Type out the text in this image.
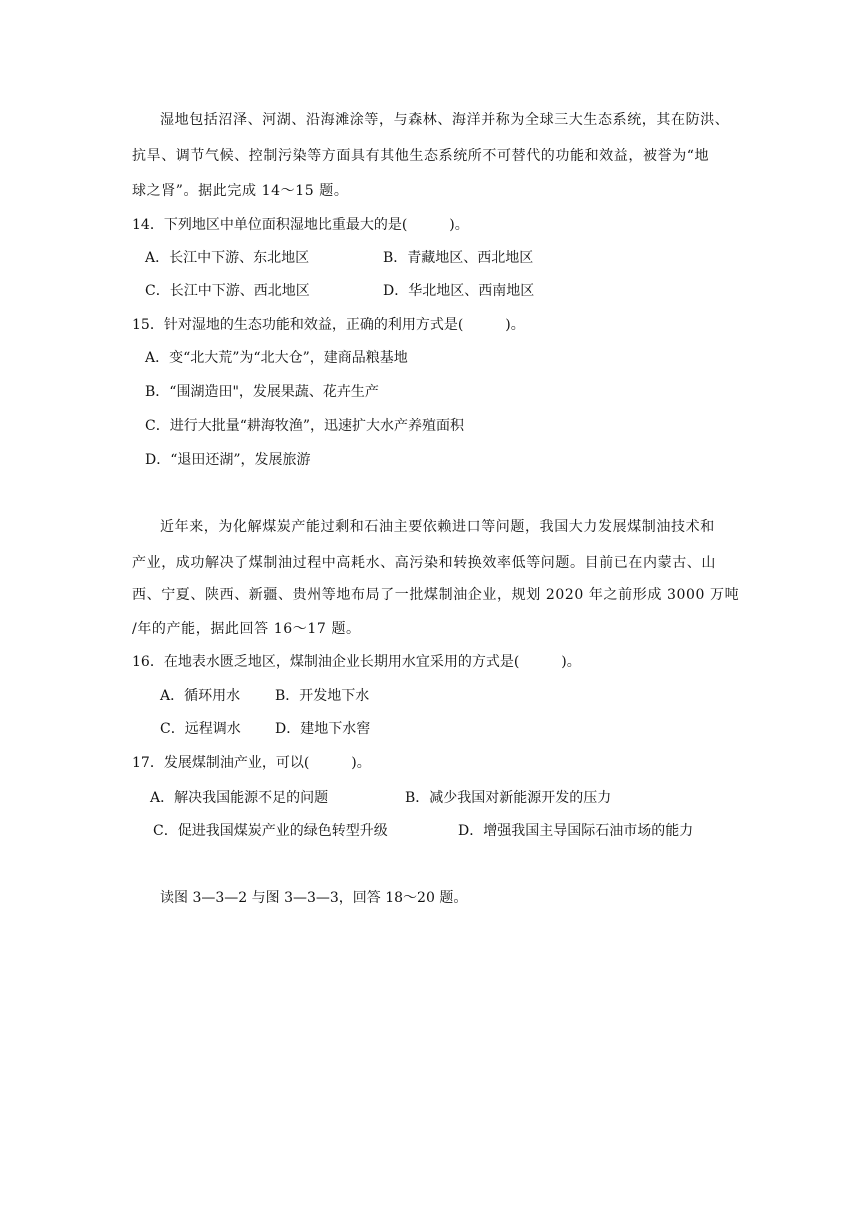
湿地包括沼泽、河湖、沿海滩涂等，与森林、海洋并称为全球三大生态系统，其在防洪、
抗旱、调节气候、控制污染等方面具有其他生态系统所不可替代的功能和效益，被誉为“地
球之肾”。据此完成 14～15 题。
14．下列地区中单位面积湿地比重最大的是(　　　)。
A．长江中下游、东北地区	B．青藏地区、西北地区
C．长江中下游、西北地区	D．华北地区、西南地区
15．针对湿地的生态功能和效益，正确的利用方式是(　　　)。
A．变“北大荒”为“北大仓”，建商品粮基地
B．“围湖造田"，发展果蔬、花卉生产
C．进行大批量“耕海牧渔”，迅速扩大水产养殖面积
D．“退田还湖”，发展旅游
近年来，为化解煤炭产能过剩和石油主要依赖进口等问题，我国大力发展煤制油技术和
产业，成功解决了煤制油过程中高耗水、高污染和转换效率低等问题。目前已在内蒙古、山
西、宁夏、陕西、新疆、贵州等地布局了一批煤制油企业，规划 2020 年之前形成 3000 万吨
/年的产能，据此回答 16～17 题。
16．在地表水匮乏地区，煤制油企业长期用水宜采用的方式是(　　　)。
A．循环用水 B．开发地下水
C．远程调水 D．建地下水窖
17．发展煤制油产业，可以(　　　)。
A．解决我国能源不足的问题	B．减少我国对新能源开发的压力
C．促进我国煤炭产业的绿色转型升级	D．增强我国主导国际石油市场的能力
读图 3—3—2 与图 3—3—3，回答 18～20 题。
